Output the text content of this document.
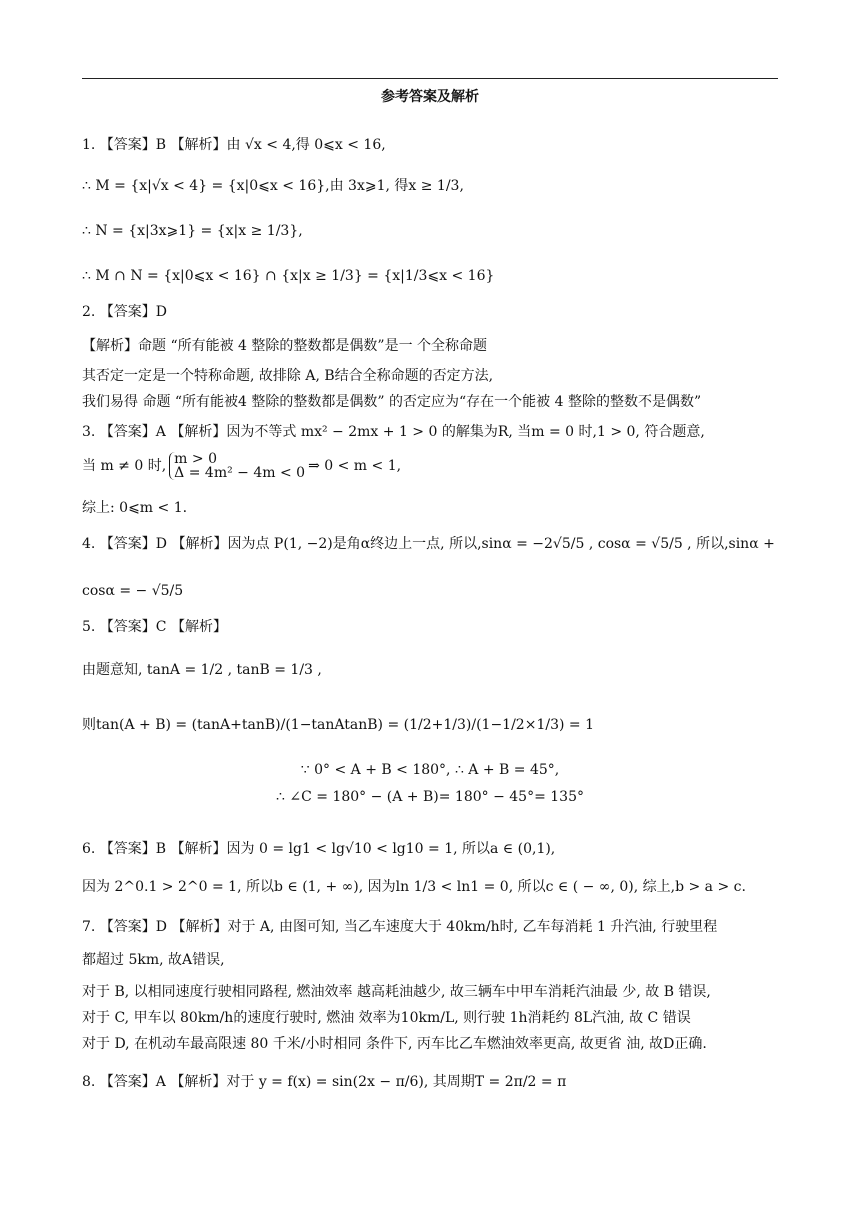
参考答案及解析
1. 【答案】B 【解析】由 √x < 4,得 0⩽x < 16,
∴ M = {x|√x < 4} = {x|0⩽x < 16},由 3x⩾1, 得x ≥ 1/3,
∴ N = {x|3x⩾1} = {x|x ≥ 1/3},
∴ M ∩ N = {x|0⩽x < 16} ∩ {x|x ≥ 1/3} = {x|1/3⩽x < 16}
2. 【答案】D
【解析】命题 “所有能被 4 整除的整数都是偶数”是一 个全称命题
其否定一定是一个特称命题, 故排除 A, B结合全称命题的否定方法,
我们易得 命题 “所有能被4 整除的整数都是偶数” 的否定应为“存在一个能被 4 整除的整数不是偶数”
3. 【答案】A 【解析】因为不等式 mx² − 2mx + 1 > 0 的解集为R, 当m = 0 时,1 > 0, 符合题意,
当 m ≠ 0 时, m > 0
Δ = 4m² − 4m < 0 ⇒ 0 < m < 1,
综上: 0⩽m < 1.
4. 【答案】D 【解析】因为点 P(1, −2)是角α终边上一点, 所以,sinα = −2√5/5 , cosα = √5/5 , 所以,sinα +
cosα = − √5/5
5. 【答案】C 【解析】
由题意知, tanA = 1/2 , tanB = 1/3 ,
则tan(A + B) = (tanA+tanB)/(1−tanAtanB) = (1/2+1/3)/(1−1/2×1/3) = 1
∵ 0° < A + B < 180°, ∴ A + B = 45°,
∴ ∠C = 180° − (A + B)= 180° − 45°= 135°
6. 【答案】B 【解析】因为 0 = lg1 < lg√10 < lg10 = 1, 所以a ∈ (0,1),
因为 2^0.1 > 2^0 = 1, 所以b ∈ (1, + ∞), 因为ln 1/3 < ln1 = 0, 所以c ∈ ( − ∞, 0), 综上,b > a > c.
7. 【答案】D 【解析】对于 A, 由图可知, 当乙车速度大于 40km/h时, 乙车每消耗 1 升汽油, 行驶里程
都超过 5km, 故A错误,
对于 B, 以相同速度行驶相同路程, 燃油效率 越高耗油越少, 故三辆车中甲车消耗汽油最 少, 故 B 错误,
对于 C, 甲车以 80km/h的速度行驶时, 燃油 效率为10km/L, 则行驶 1h消耗约 8L汽油, 故 C 错误
对于 D, 在机动车最高限速 80 千米/小时相同 条件下, 丙车比乙车燃油效率更高, 故更省 油, 故D正确.
8. 【答案】A 【解析】对于 y = f(x) = sin(2x − π/6), 其周期T = 2π/2 = π
